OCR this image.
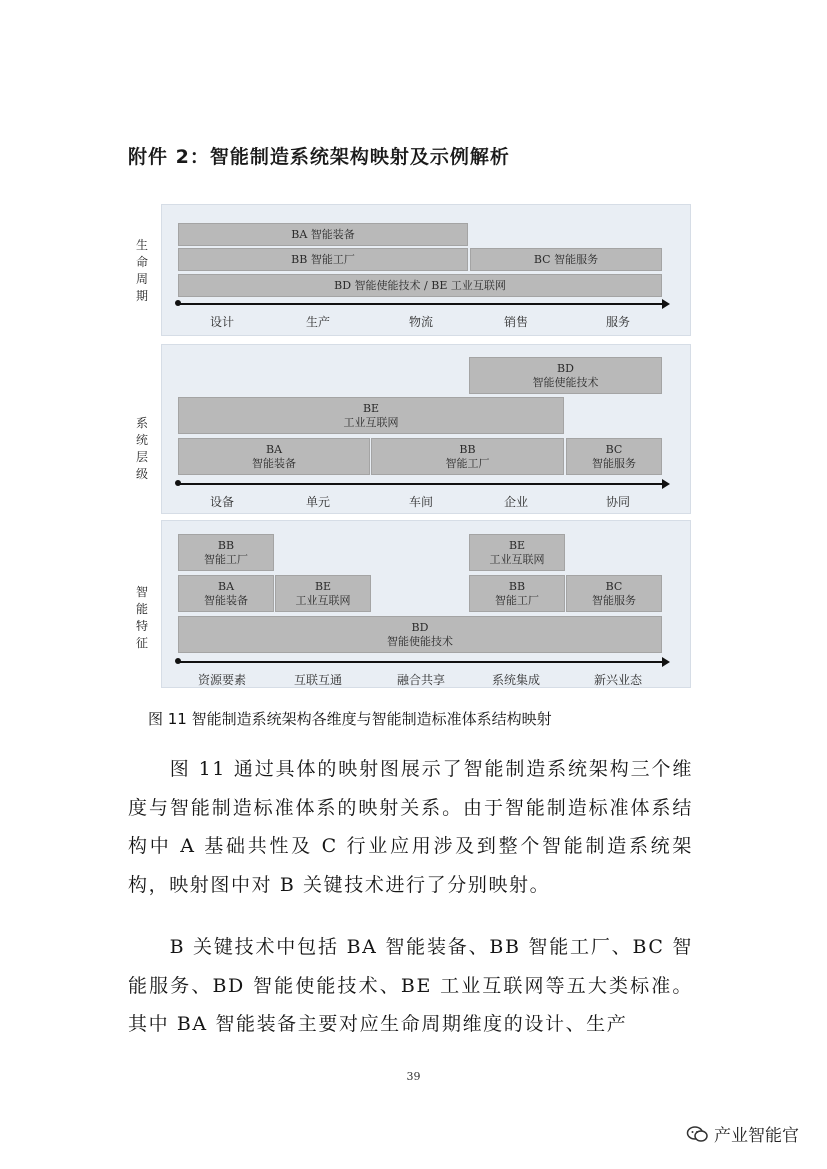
附件 2：智能制造系统架构映射及示例解析
生
命
周
期
BA 智能装备
BB 智能工厂	BC 智能服务
BD 智能使能技术 / BE 工业互联网
设计	生产	物流	销售	服务
系
统
层
级
BD
智能使能技术
BE
工业互联网
BA
智能装备
BB
智能工厂
BC
智能服务
设备	单元	车间	企业	协同
智
能
特
征
BB
智能工厂
BE
工业互联网
BA
智能装备
BE
工业互联网
BB
智能工厂
BC
智能服务
BD
智能使能技术
资源要素	互联互通	融合共享	系统集成	新兴业态
图 11 智能制造系统架构各维度与智能制造标准体系结构映射
　　图 11 通过具体的映射图展示了智能制造系统架构三个维度与智能制造标准体系的映射关系。由于智能制造标准体系结构中 A 基础共性及 C 行业应用涉及到整个智能制造系统架构，映射图中对 B 关键技术进行了分别映射。
　　B 关键技术中包括 BA 智能装备、BB 智能工厂、BC 智能服务、BD 智能使能技术、BE 工业互联网等五大类标准。其中 BA 智能装备主要对应生命周期维度的设计、生产
39
产业智能官
